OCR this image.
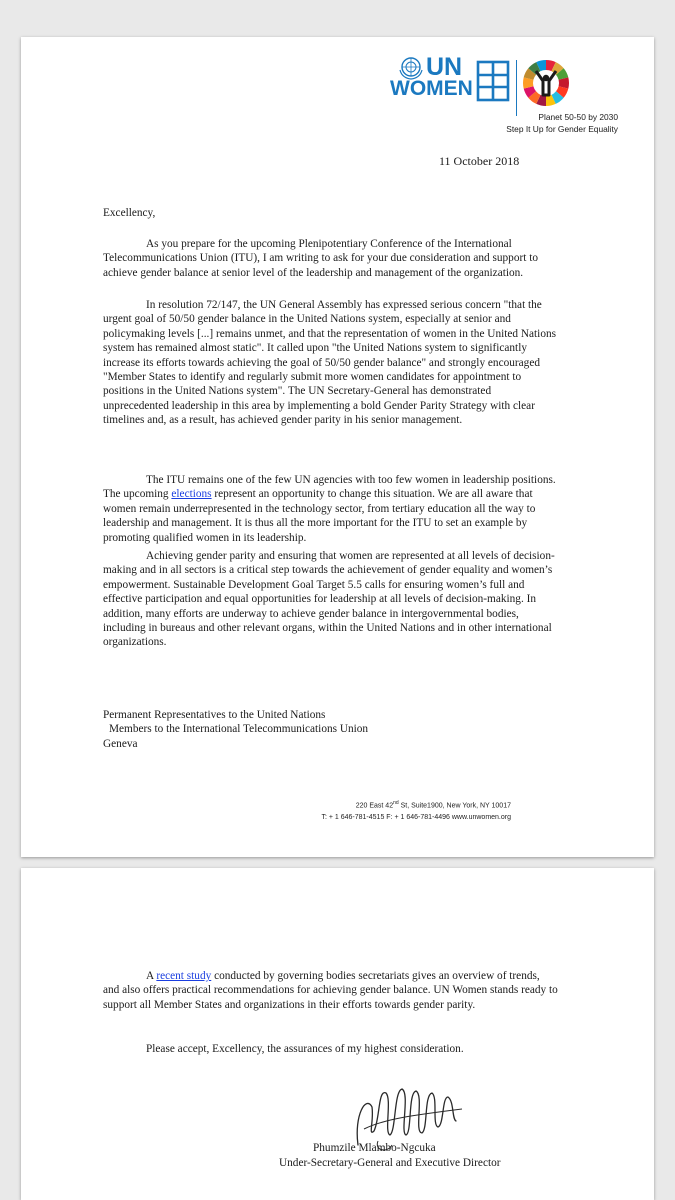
UN
WOMEN
Planet 50-50 by 2030
Step It Up for Gender Equality
11 October 2018
Excellency,

As you prepare for the upcoming Plenipotentiary Conference of the International Telecommunications Union (ITU), I am writing to ask for your due consideration and support to achieve gender balance at senior level of the leadership and management of the organization.

In resolution 72/147, the UN General Assembly has expressed serious concern "that the urgent goal of 50/50 gender balance in the United Nations system, especially at senior and policymaking levels [...] remains unmet, and that the representation of women in the United Nations system has remained almost static". It called upon "the United Nations system to significantly increase its efforts towards achieving the goal of 50/50 gender balance" and strongly encouraged "Member States to identify and regularly submit more women candidates for appointment to positions in the United Nations system". The UN Secretary-General has demonstrated unprecedented leadership in this area by implementing a bold Gender Parity Strategy with clear timelines and, as a result, has achieved gender parity in his senior management.

The ITU remains one of the few UN agencies with too few women in leadership positions. The upcoming elections represent an opportunity to change this situation. We are all aware that women remain underrepresented in the technology sector, from tertiary education all the way to leadership and management. It is thus all the more important for the ITU to set an example by promoting qualified women in its leadership.

Achieving gender parity and ensuring that women are represented at all levels of decision-making and in all sectors is a critical step towards the achievement of gender equality and women’s empowerment. Sustainable Development Goal Target 5.5 calls for ensuring women’s full and effective participation and equal opportunities for leadership at all levels of decision-making. In addition, many efforts are underway to achieve gender balance in intergovernmental bodies, including in bureaus and other relevant organs, within the United Nations and in other international organizations.

Permanent Representatives to the United Nations
Members to the International Telecommunications Union
Geneva
220 East 42nd St, Suite1900, New York, NY 10017
T: + 1 646-781-4515 F: + 1 646-781-4496 www.unwomen.org

A recent study conducted by governing bodies secretariats gives an overview of trends, and also offers practical recommendations for achieving gender balance. UN Women stands ready to support all Member States and organizations in their efforts towards gender parity.

Please accept, Excellency, the assurances of my highest consideration.

Phumzile Mlambo-Ngcuka
Under-Secretary-General and Executive Director
